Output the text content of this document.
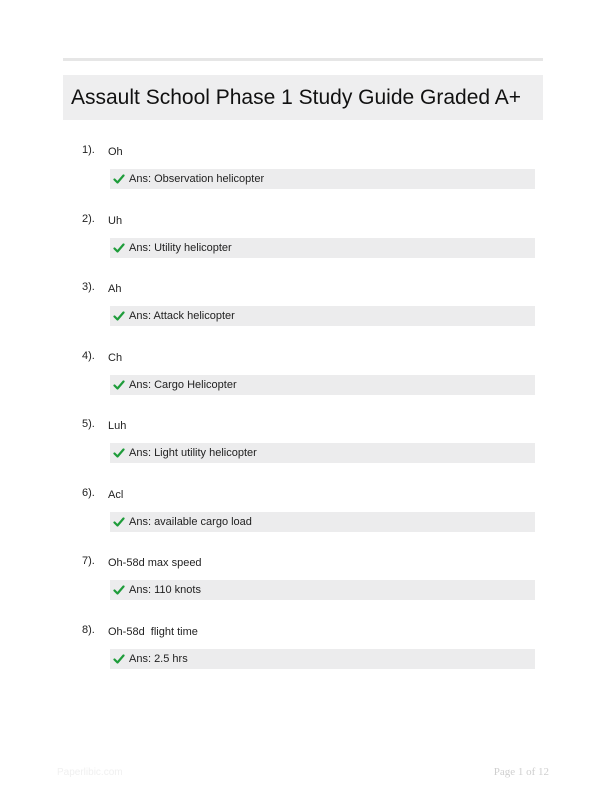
Assault School Phase 1 Study Guide Graded A+
1). Oh
Ans: Observation helicopter
2). Uh
Ans: Utility helicopter
3). Ah
Ans: Attack helicopter
4). Ch
Ans: Cargo Helicopter
5). Luh
Ans: Light utility helicopter
6). Acl
Ans: available cargo load
7). Oh-58d max speed
Ans: 110 knots
8). Oh-58d  flight time
Ans: 2.5 hrs
Paperlibic.com	Page 1 of 12
